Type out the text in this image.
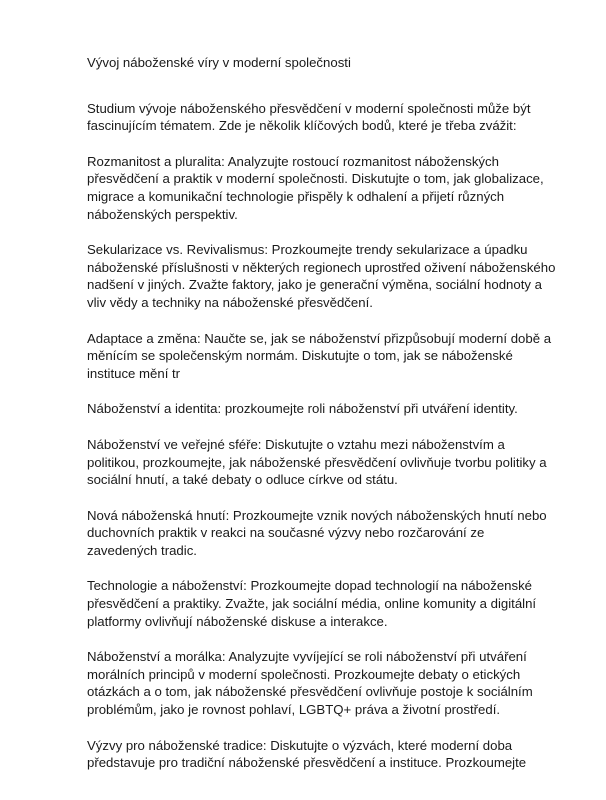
Vývoj náboženské víry v moderní společnosti

Studium vývoje náboženského přesvědčení v moderní společnosti může být fascinujícím tématem. Zde je několik klíčových bodů, které je třeba zvážit:

Rozmanitost a pluralita: Analyzujte rostoucí rozmanitost náboženských přesvědčení a praktik v moderní společnosti. Diskutujte o tom, jak globalizace, migrace a komunikační technologie přispěly k odhalení a přijetí různých náboženských perspektiv.

Sekularizace vs. Revivalismus: Prozkoumejte trendy sekularizace a úpadku náboženské příslušnosti v některých regionech uprostřed oživení náboženského nadšení v jiných. Zvažte faktory, jako je generační výměna, sociální hodnoty a vliv vědy a techniky na náboženské přesvědčení.

Adaptace a změna: Naučte se, jak se náboženství přizpůsobují moderní době a měnícím se společenským normám. Diskutujte o tom, jak se náboženské instituce mění tr

Náboženství a identita: prozkoumejte roli náboženství při utváření identity.

Náboženství ve veřejné sféře: Diskutujte o vztahu mezi náboženstvím a politikou, prozkoumejte, jak náboženské přesvědčení ovlivňuje tvorbu politiky a sociální hnutí, a také debaty o odluce církve od státu.

Nová náboženská hnutí: Prozkoumejte vznik nových náboženských hnutí nebo duchovních praktik v reakci na současné výzvy nebo rozčarování ze zavedených tradic.

Technologie a náboženství: Prozkoumejte dopad technologií na náboženské přesvědčení a praktiky. Zvažte, jak sociální média, online komunity a digitální platformy ovlivňují náboženské diskuse a interakce.

Náboženství a morálka: Analyzujte vyvíjející se roli náboženství při utváření morálních principů v moderní společnosti. Prozkoumejte debaty o etických otázkách a o tom, jak náboženské přesvědčení ovlivňuje postoje k sociálním problémům, jako je rovnost pohlaví, LGBTQ+ práva a životní prostředí.

Výzvy pro náboženské tradice: Diskutujte o výzvách, které moderní doba představuje pro tradiční náboženské přesvědčení a instituce. Prozkoumejte
